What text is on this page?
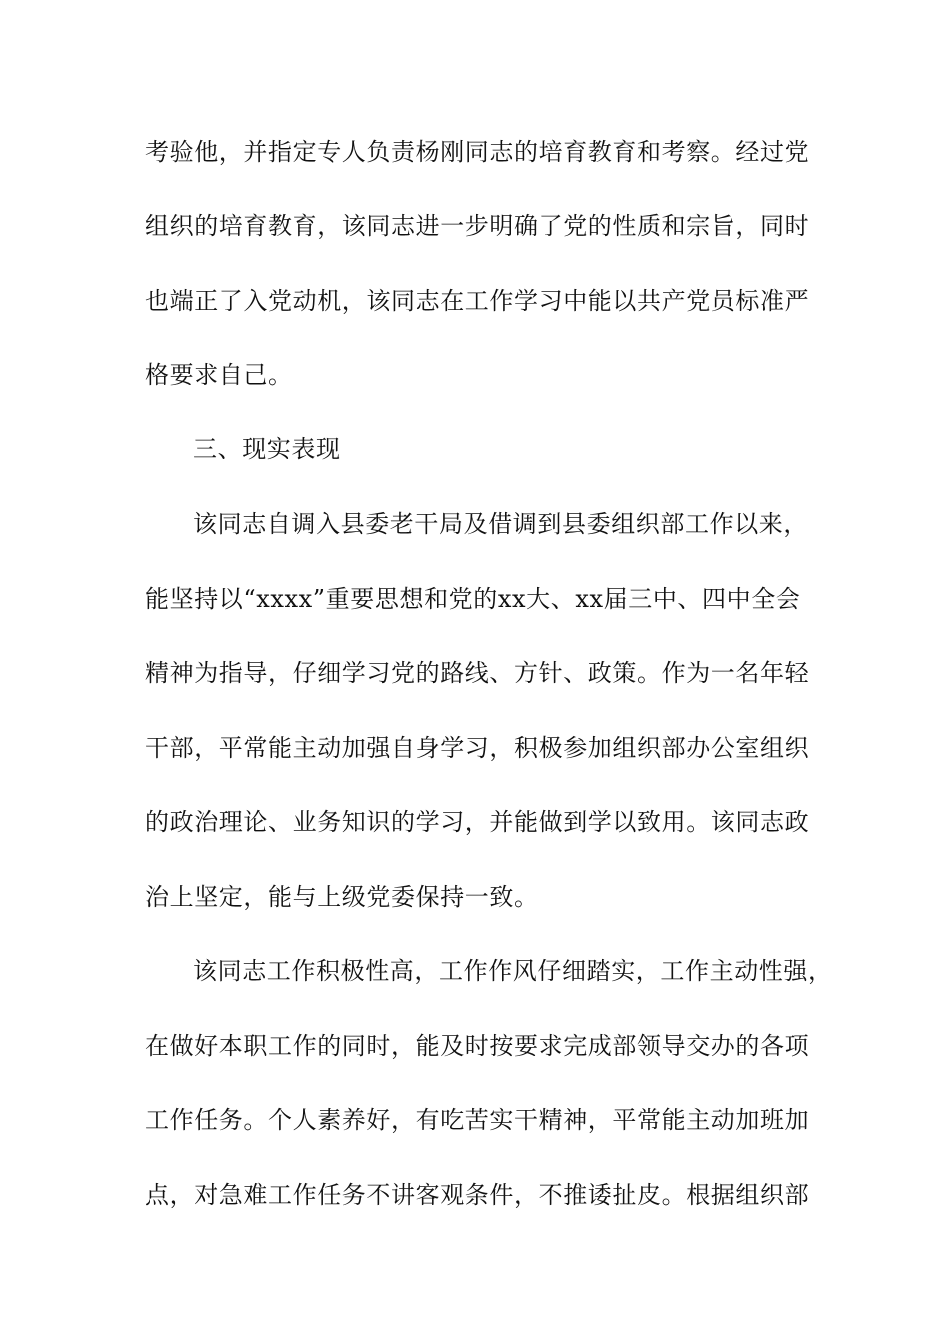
考验他，并指定专人负责杨刚同志的培育教育和考察。经过党
组织的培育教育，该同志进一步明确了党的性质和宗旨，同时
也端正了入党动机，该同志在工作学习中能以共产党员标准严
格要求自己。
三、现实表现
该同志自调入县委老干局及借调到县委组织部工作以来，
能坚持以“xxxx”重要思想和党的xx大、xx届三中、四中全会
精神为指导，仔细学习党的路线、方针、政策。作为一名年轻
干部，平常能主动加强自身学习，积极参加组织部办公室组织
的政治理论、业务知识的学习，并能做到学以致用。该同志政
治上坚定，能与上级党委保持一致。
该同志工作积极性高，工作作风仔细踏实，工作主动性强，
在做好本职工作的同时，能及时按要求完成部领导交办的各项
工作任务。个人素养好，有吃苦实干精神，平常能主动加班加
点，对急难工作任务不讲客观条件，不推诿扯皮。根据组织部
